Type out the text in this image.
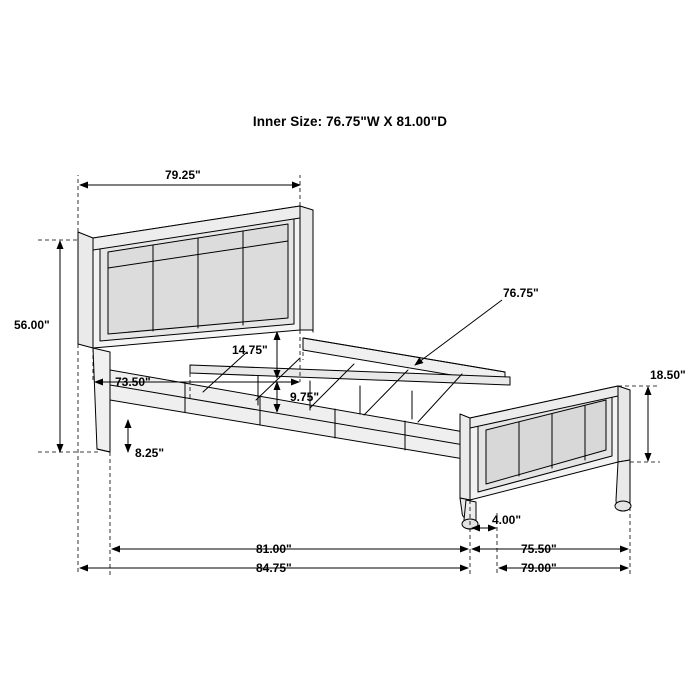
Inner Size: 76.75"W X 81.00"D
79.25"
56.00"
73.50"
14.75"
9.75"
8.25"
76.75"
18.50"
4.00"
81.00"
84.75"
75.50"
79.00"
